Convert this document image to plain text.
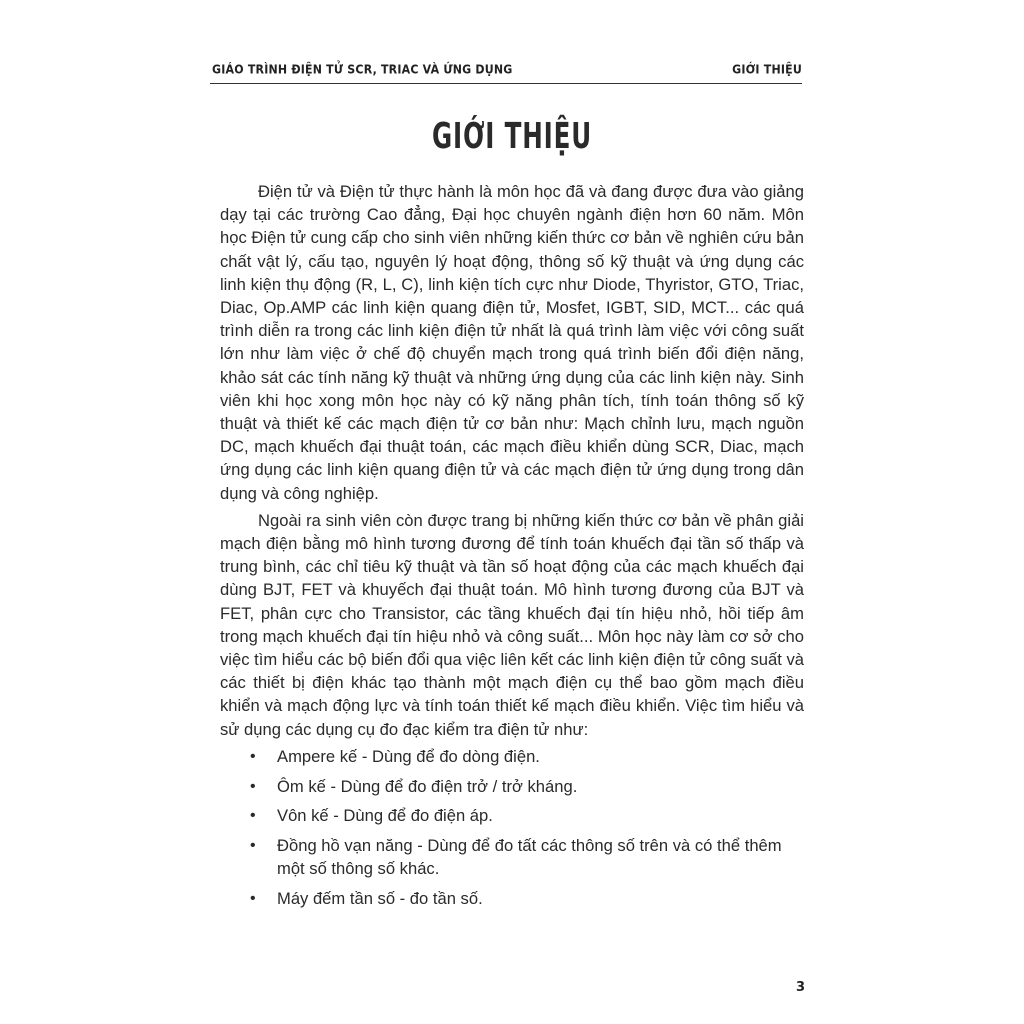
GIÁO TRÌNH ĐIỆN TỬ SCR, TRIAC VÀ ỨNG DỤNG	GIỚI THIỆU
GIỚI THIỆU

Điện tử và Điện tử thực hành là môn học đã và đang được đưa vào giảng dạy tại các trường Cao đẳng, Đại học chuyên ngành điện hơn 60 năm. Môn học Điện tử cung cấp cho sinh viên những kiến thức cơ bản về nghiên cứu bản chất vật lý, cấu tạo, nguyên lý hoạt động, thông số kỹ thuật và ứng dụng các linh kiện thụ động (R, L, C), linh kiện tích cực như Diode, Thyristor, GTO, Triac, Diac, Op.AMP các linh kiện quang điện tử, Mosfet, IGBT, SID, MCT... các quá trình diễn ra trong các linh kiện điện tử nhất là quá trình làm việc với công suất lớn như làm việc ở chế độ chuyển mạch trong quá trình biến đổi điện năng, khảo sát các tính năng kỹ thuật và những ứng dụng của các linh kiện này. Sinh viên khi học xong môn học này có kỹ năng phân tích, tính toán thông số kỹ thuật và thiết kế các mạch điện tử cơ bản như: Mạch chỉnh lưu, mạch nguồn DC, mạch khuếch đại thuật toán, các mạch điều khiển dùng SCR, Diac, mạch ứng dụng các linh kiện quang điện tử và các mạch điện tử ứng dụng trong dân dụng và công nghiệp.

Ngoài ra sinh viên còn được trang bị những kiến thức cơ bản về phân giải mạch điện bằng mô hình tương đương để tính toán khuếch đại tần số thấp và trung bình, các chỉ tiêu kỹ thuật và tần số hoạt động của các mạch khuếch đại dùng BJT, FET và khuyếch đại thuật toán. Mô hình tương đương của BJT và FET, phân cực cho Transistor, các tầng khuếch đại tín hiệu nhỏ, hồi tiếp âm trong mạch khuếch đại tín hiệu nhỏ và công suất... Môn học này làm cơ sở cho việc tìm hiểu các bộ biến đổi qua việc liên kết các linh kiện điện tử công suất và các thiết bị điện khác tạo thành một mạch điện cụ thể bao gồm mạch điều khiển và mạch động lực và tính toán thiết kế mạch điều khiển. Việc tìm hiểu và sử dụng các dụng cụ đo đạc kiểm tra điện tử như:

• Ampere kế - Dùng để đo dòng điện.
• Ôm kế - Dùng để đo điện trở / trở kháng.
• Vôn kế - Dùng để đo điện áp.
• Đồng hồ vạn năng - Dùng để đo tất các thông số trên và có thể thêm một số thông số khác.
• Máy đếm tần số - đo tần số.
3
